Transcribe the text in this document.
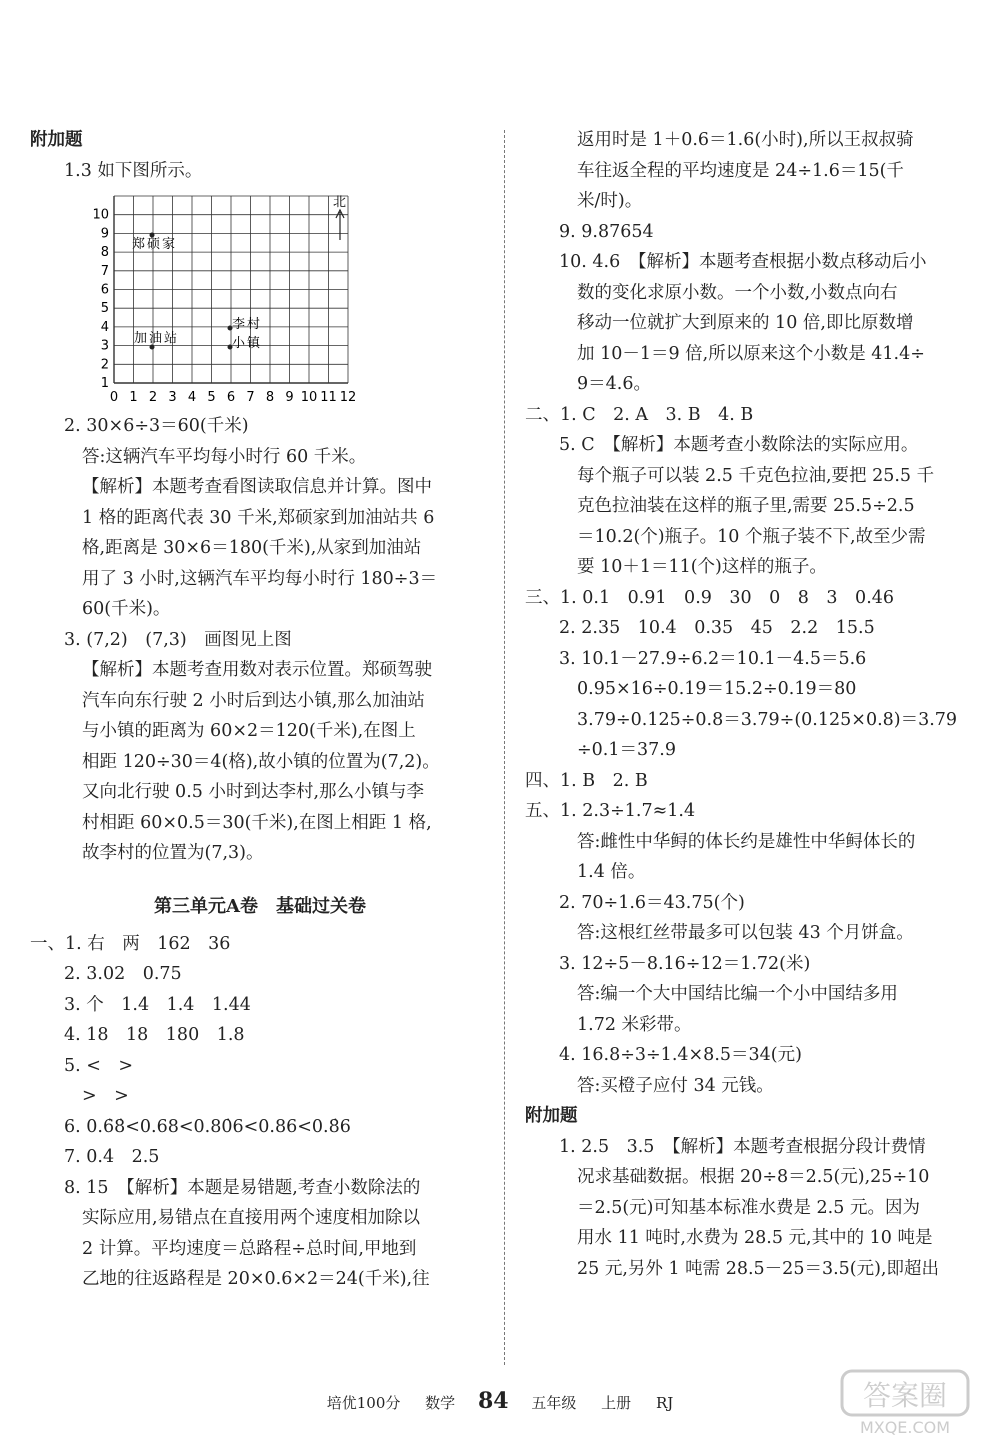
附加题
1.3 如下图所示。
0 1 2 3 4 5 6 7 8 9 10 11 12
1
2
3
4
5
6
7
8
9
10
北
郑硕家
加油站
李村
小镇
2. 30×6÷3＝60(千米)
答:这辆汽车平均每小时行 60 千米。
【解析】本题考查看图读取信息并计算。图中
1 格的距离代表 30 千米,郑硕家到加油站共 6
格,距离是 30×6＝180(千米),从家到加油站
用了 3 小时,这辆汽车平均每小时行 180÷3＝
60(千米)。
3. (7,2)　(7,3)　画图见上图
【解析】本题考查用数对表示位置。郑硕驾驶
汽车向东行驶 2 小时后到达小镇,那么加油站
与小镇的距离为 60×2＝120(千米),在图上
相距 120÷30＝4(格),故小镇的位置为(7,2)。
又向北行驶 0.5 小时到达李村,那么小镇与李
村相距 60×0.5＝30(千米),在图上相距 1 格,
故李村的位置为(7,3)。
第三单元A卷　基础过关卷
一、1. 右　两　162　36
2. 3.02　0.75
3. 个　1.4̇　1.4　1.44
4. 18　18　180　1.8
5. <　>
>　>
6. 0.6̇8̇<0.68<0.80̇6<0.86<0.8̇6
7. 0.4　2.5
8. 15　【解析】本题是易错题,考查小数除法的
实际应用,易错点在直接用两个速度相加除以
2 计算。平均速度＝总路程÷总时间,甲地到
乙地的往返路程是 20×0.6×2＝24(千米),往
返用时是 1＋0.6＝1.6(小时),所以王叔叔骑
车往返全程的平均速度是 24÷1.6＝15(千
米/时)。
9. 9.87654
10. 4.6　【解析】本题考查根据小数点移动后小
数的变化求原小数。一个小数,小数点向右
移动一位就扩大到原来的 10 倍,即比原数增
加 10－1＝9 倍,所以原来这个小数是 41.4÷
9＝4.6。
二、1. C　2. A　3. B　4. B
5. C　【解析】本题考查小数除法的实际应用。
每个瓶子可以装 2.5 千克色拉油,要把 25.5 千
克色拉油装在这样的瓶子里,需要 25.5÷2.5
＝10.2(个)瓶子。10 个瓶子装不下,故至少需
要 10＋1＝11(个)这样的瓶子。
三、1. 0.1　0.91　0.9　30　0　8　3　0.46
2. 2.35　10.4　0.35　45　2.2　15.5̇
3. 10.1－27.9÷6.2＝10.1－4.5＝5.6
0.95×16÷0.19＝15.2÷0.19＝80
3.79÷0.125÷0.8＝3.79÷(0.125×0.8)＝3.79
÷0.1＝37.9
四、1. B　2. B
五、1. 2.3÷1.7≈1.4
答:雌性中华鲟的体长约是雄性中华鲟体长的
1.4 倍。
2. 70÷1.6＝43.75(个)
答:这根红丝带最多可以包装 43 个月饼盒。
3. 12÷5－8.16÷12＝1.72(米)
答:编一个大中国结比编一个小中国结多用
1.72 米彩带。
4. 16.8÷3÷1.4×8.5＝34(元)
答:买橙子应付 34 元钱。
附加题
1. 2.5　3.5　【解析】本题考查根据分段计费情
况求基础数据。根据 20÷8＝2.5(元),25÷10
＝2.5(元)可知基本标准水费是 2.5 元。因为
用水 11 吨时,水费为 28.5 元,其中的 10 吨是
25 元,另外 1 吨需 28.5－25＝3.5(元),即超出
培优100分 数学 84 五年级 上册 RJ	答案圈
MXQE.COM
